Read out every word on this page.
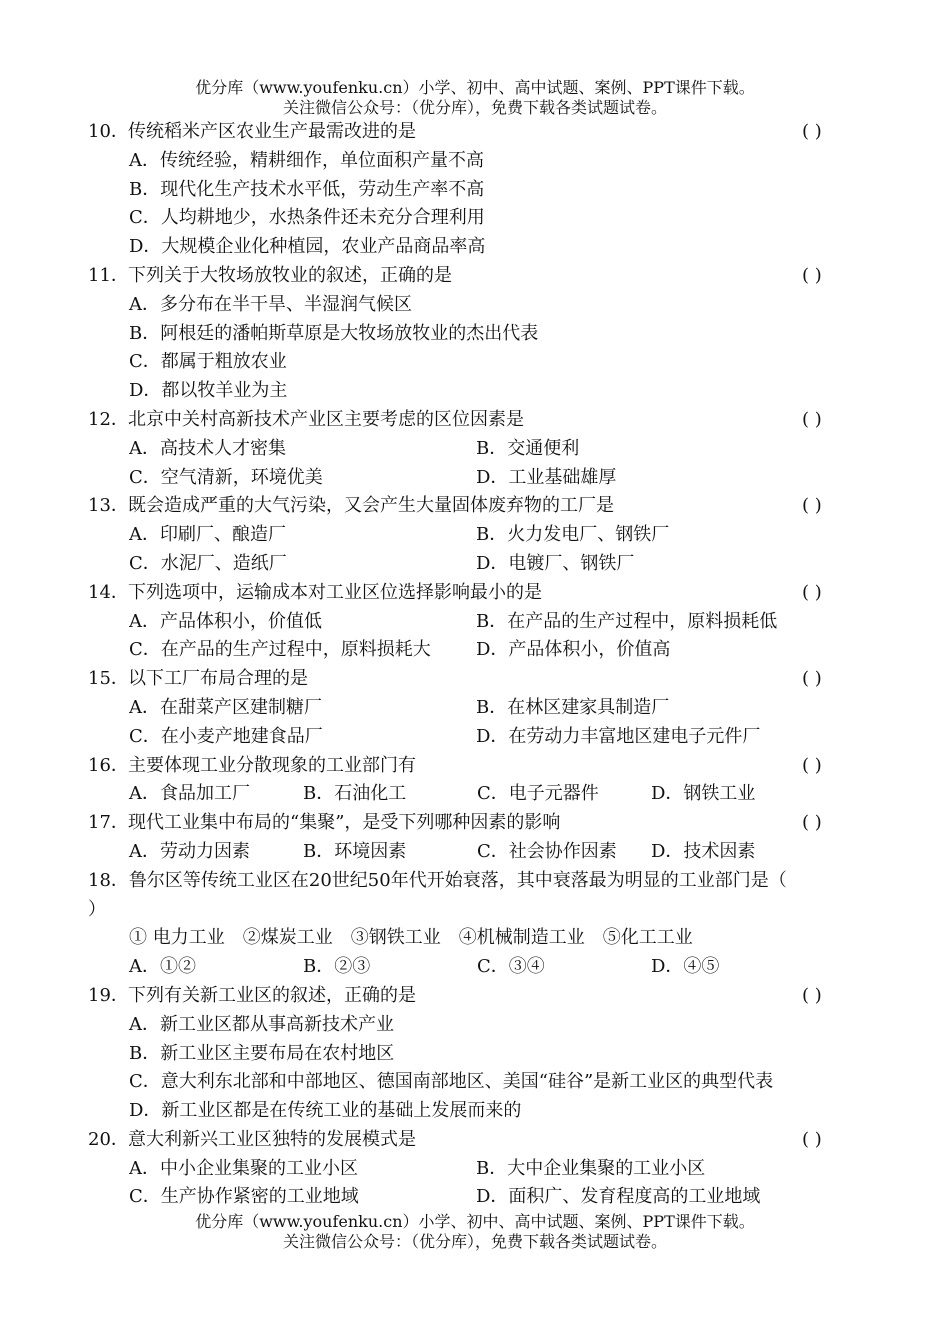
优分库（www.youfenku.cn）小学、初中、高中试题、案例、PPT课件下载。
关注微信公众号：（优分库），免费下载各类试题试卷。
10． 传统稻米产区农业生产最需改进的是	( )
A．传统经验，精耕细作，单位面积产量不高
B．现代化生产技术水平低，劳动生产率不高
C．人均耕地少，水热条件还未充分合理利用
D．大规模企业化种植园，农业产品商品率高
11． 下列关于大牧场放牧业的叙述，正确的是	( )
A．多分布在半干旱、半湿润气候区
B．阿根廷的潘帕斯草原是大牧场放牧业的杰出代表
C．都属于粗放农业
D．都以牧羊业为主
12． 北京中关村高新技术产业区主要考虑的区位因素是	( )
A．高技术人才密集	B．交通便利
C．空气清新，环境优美	D．工业基础雄厚
13． 既会造成严重的大气污染，又会产生大量固体废弃物的工厂是	( )
A．印刷厂、酿造厂	B．火力发电厂、钢铁厂
C．水泥厂、造纸厂	D．电镀厂、钢铁厂
14． 下列选项中，运输成本对工业区位选择影响最小的是	( )
A．产品体积小，价值低	B．在产品的生产过程中，原料损耗低
C．在产品的生产过程中，原料损耗大	D．产品体积小，价值高
15． 以下工厂布局合理的是	( )
A．在甜菜产区建制糖厂	B．在林区建家具制造厂
C．在小麦产地建食品厂	D．在劳动力丰富地区建电子元件厂
16． 主要体现工业分散现象的工业部门有	( )
A．食品加工厂	B．石油化工	C．电子元器件	D．钢铁工业
17． 现代工业集中布局的“集聚”，是受下列哪种因素的影响	( )
A．劳动力因素	B．环境因素	C．社会协作因素	D．技术因素
18．鲁尔区等传统工业区在20世纪50年代开始衰落，其中衰落最为明显的工业部门是（
）
① 电力工业　②煤炭工业　③钢铁工业　④机械制造工业　⑤化工工业
A．①②	B．②③	C．③④	D．④⑤
19． 下列有关新工业区的叙述，正确的是	( )
A．新工业区都从事高新技术产业
B．新工业区主要布局在农村地区
C．意大利东北部和中部地区、德国南部地区、美国“硅谷”是新工业区的典型代表
D．新工业区都是在传统工业的基础上发展而来的
20． 意大利新兴工业区独特的发展模式是	( )
A．中小企业集聚的工业小区	B．大中企业集聚的工业小区
C．生产协作紧密的工业地域	D．面积广、发育程度高的工业地域
优分库（www.youfenku.cn）小学、初中、高中试题、案例、PPT课件下载。
关注微信公众号：（优分库），免费下载各类试题试卷。
